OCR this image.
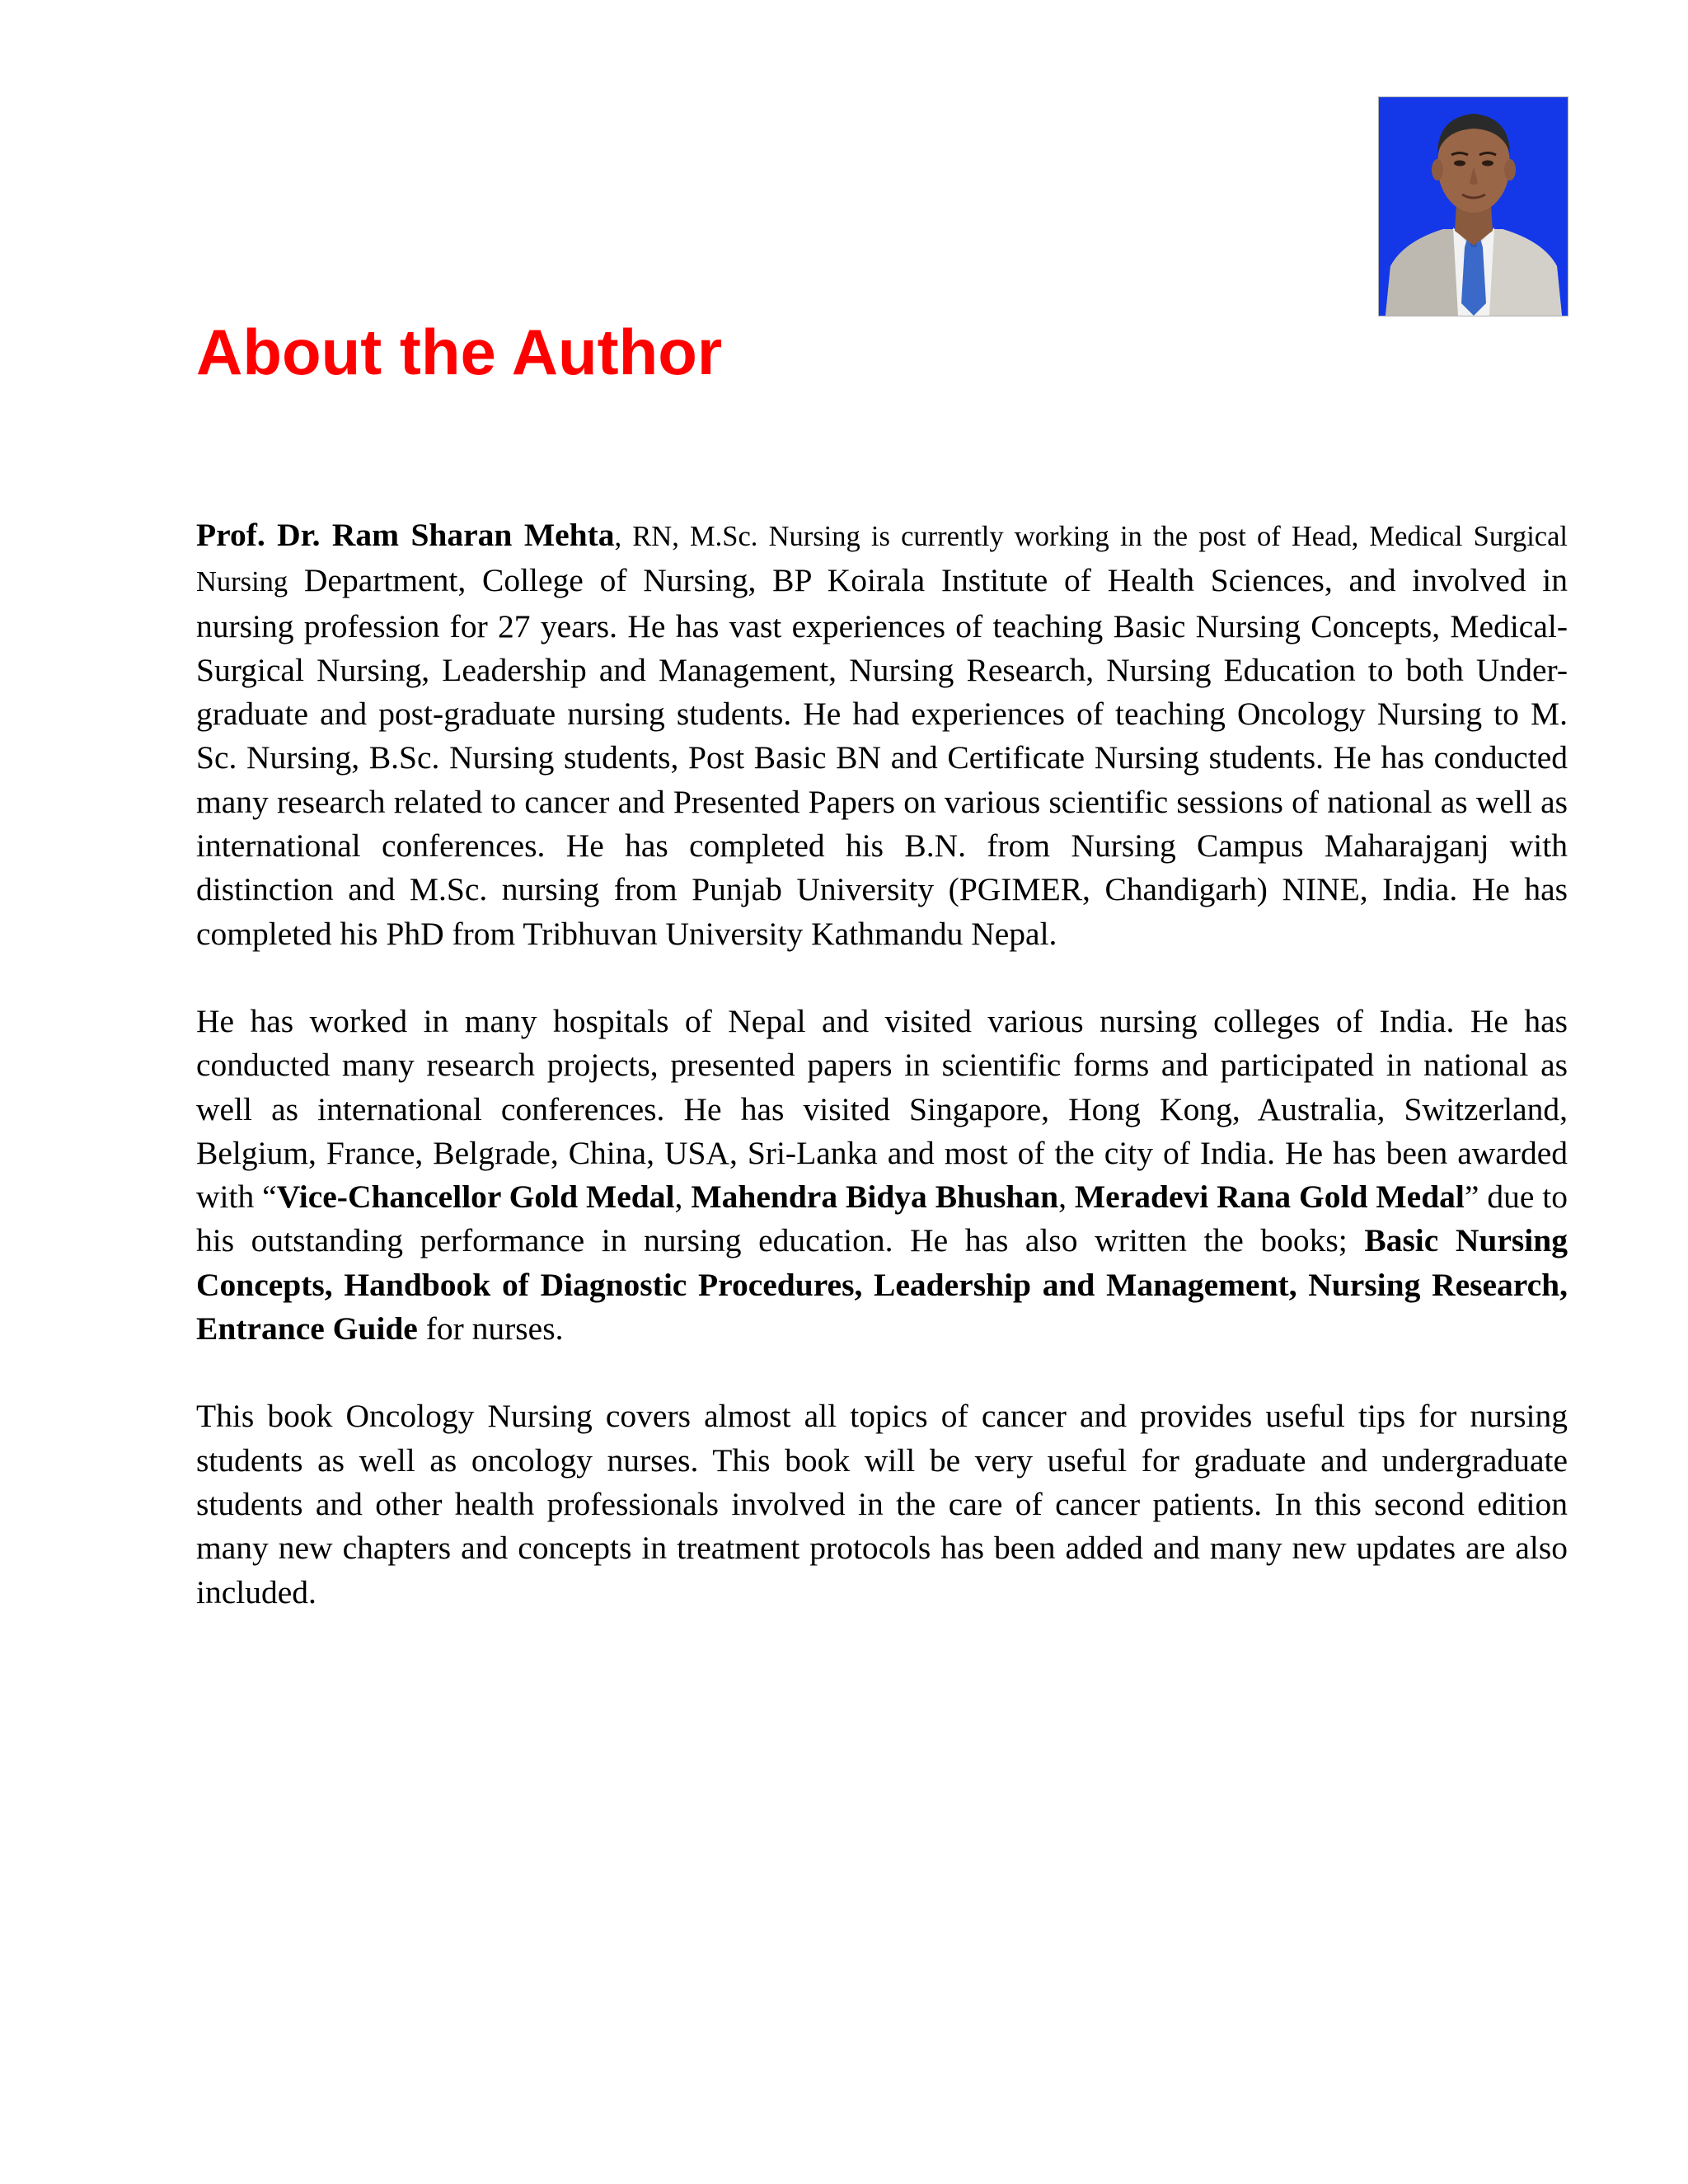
About the Author

Prof. Dr. Ram Sharan Mehta, RN, M.Sc. Nursing is currently working in the post of Head, Medical Surgical Nursing Department, College of Nursing, BP Koirala Institute of Health Sciences, and involved in nursing profession for 27 years. He has vast experiences of teaching Basic Nursing Concepts, Medical-Surgical Nursing, Leadership and Management, Nursing Research, Nursing Education to both Under-graduate and post-graduate nursing students. He had experiences of teaching Oncology Nursing to M. Sc. Nursing, B.Sc. Nursing students, Post Basic BN and Certificate Nursing students. He has conducted many research related to cancer and Presented Papers on various scientific sessions of national as well as international conferences. He has completed his B.N. from Nursing Campus Maharajganj with distinction and M.Sc. nursing from Punjab University (PGIMER, Chandigarh) NINE, India. He has completed his PhD from Tribhuvan University Kathmandu Nepal.

He has worked in many hospitals of Nepal and visited various nursing colleges of India. He has conducted many research projects, presented papers in scientific forms and participated in national as well as international conferences. He has visited Singapore, Hong Kong, Australia, Switzerland, Belgium, France, Belgrade, China, USA, Sri-Lanka and most of the city of India. He has been awarded with “Vice-Chancellor Gold Medal, Mahendra Bidya Bhushan, Meradevi Rana Gold Medal” due to his outstanding performance in nursing education. He has also written the books; Basic Nursing Concepts, Handbook of Diagnostic Procedures, Leadership and Management, Nursing Research, Entrance Guide for nurses.

This book Oncology Nursing covers almost all topics of cancer and provides useful tips for nursing students as well as oncology nurses. This book will be very useful for graduate and undergraduate students and other health professionals involved in the care of cancer patients. In this second edition many new chapters and concepts in treatment protocols has been added and many new updates are also included.
